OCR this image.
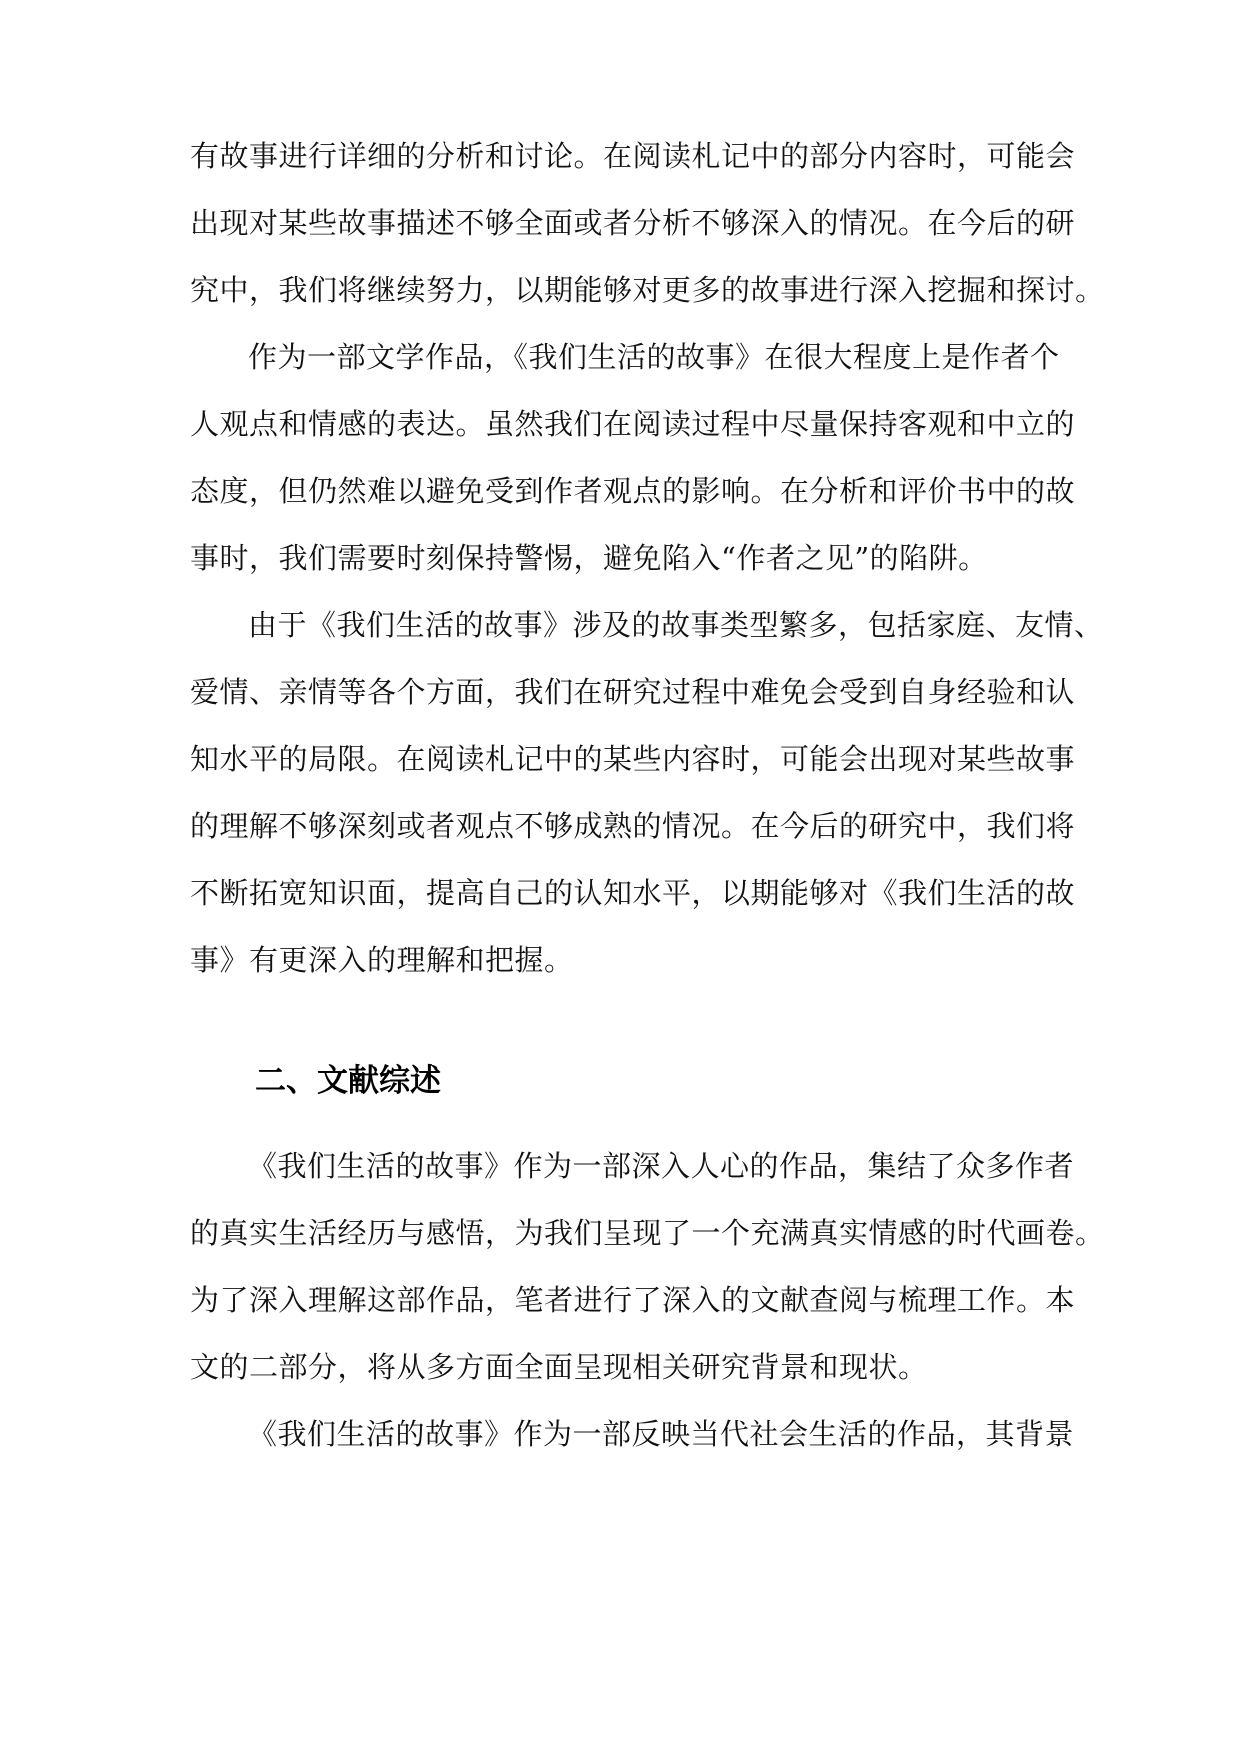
有故事进行详细的分析和讨论。在阅读札记中的部分内容时，可能会
出现对某些故事描述不够全面或者分析不够深入的情况。在今后的研
究中，我们将继续努力，以期能够对更多的故事进行深入挖掘和探讨。
作为一部文学作品，《我们生活的故事》在很大程度上是作者个
人观点和情感的表达。虽然我们在阅读过程中尽量保持客观和中立的
态度，但仍然难以避免受到作者观点的影响。在分析和评价书中的故
事时，我们需要时刻保持警惕，避免陷入“作者之见”的陷阱。
由于《我们生活的故事》涉及的故事类型繁多，包括家庭、友情、
爱情、亲情等各个方面，我们在研究过程中难免会受到自身经验和认
知水平的局限。在阅读札记中的某些内容时，可能会出现对某些故事
的理解不够深刻或者观点不够成熟的情况。在今后的研究中，我们将
不断拓宽知识面，提高自己的认知水平，以期能够对《我们生活的故
事》有更深入的理解和把握。
二、文献综述
《我们生活的故事》作为一部深入人心的作品，集结了众多作者
的真实生活经历与感悟，为我们呈现了一个充满真实情感的时代画卷。
为了深入理解这部作品，笔者进行了深入的文献查阅与梳理工作。本
文的二部分，将从多方面全面呈现相关研究背景和现状。
《我们生活的故事》作为一部反映当代社会生活的作品，其背景
